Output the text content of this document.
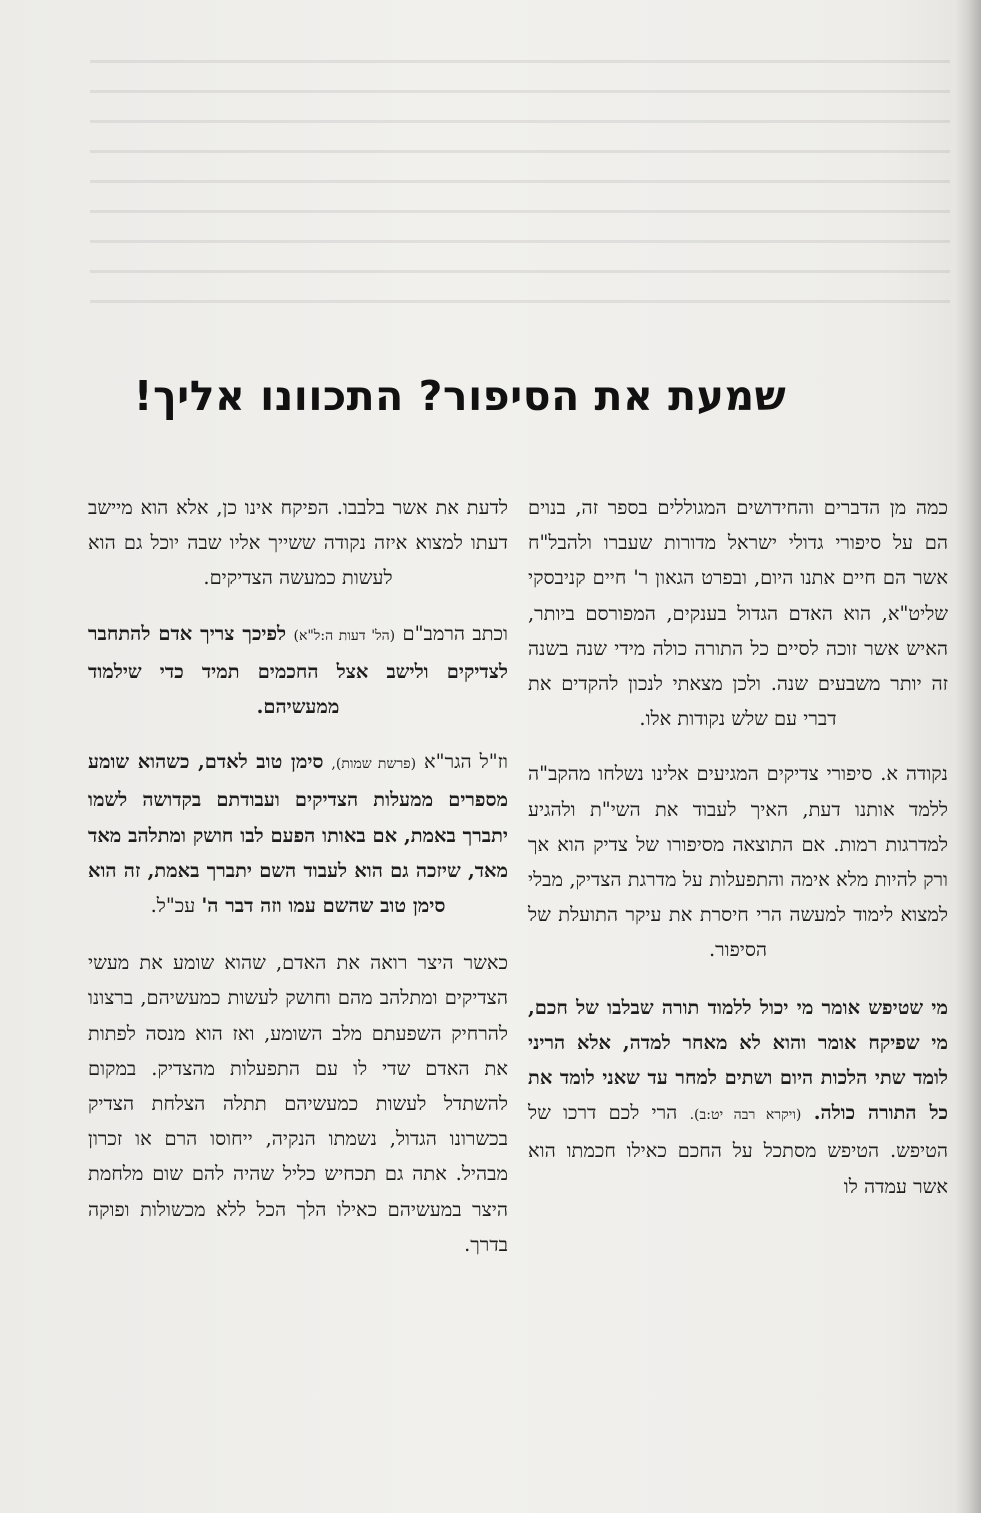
שמעת את הסיפור? התכוונו אליך!

כמה מן הדברים והחידושים המגוללים בספר זה, בנוים הם על סיפורי גדולי ישראל מדורות שעברו ולהבל"ח אשר הם חיים אתנו היום, ובפרט הגאון ר' חיים קניבסקי שליט"א, הוא האדם הגדול בענקים, המפורסם ביותר, האיש אשר זוכה לסיים כל התורה כולה מידי שנה בשנה זה יותר משבעים שנה. ולכן מצאתי לנכון להקדים את דברי עם שלש נקודות אלו.

נקודה א. סיפורי צדיקים המגיעים אלינו נשלחו מהקב"ה ללמד אותנו דעת, האיך לעבוד את השי"ת ולהגיע למדרגות רמות. אם התוצאה מסיפורו של צדיק הוא אך ורק להיות מלא אימה והתפעלות על מדרגת הצדיק, מבלי למצוא לימוד למעשה הרי חיסרת את עיקר התועלת של הסיפור.

מי שטיפש אומר מי יכול ללמוד תורה שבלבו של חכם, מי שפיקח אומר והוא לא מאחר למדה, אלא הריני לומד שתי הלכות היום ושתים למחר עד שאני לומד את כל התורה כולה. (ויקרא רבה יט:ב). הרי לכם דרכו של הטיפש. הטיפש מסתכל על החכם כאילו חכמתו הוא אשר עמדה לו

לדעת את אשר בלבבו. הפיקח אינו כן, אלא הוא מיישב דעתו למצוא איזה נקודה ששייך אליו שבה יוכל גם הוא לעשות כמעשה הצדיקים.

וכתב הרמב"ם (הל' דעות ה:ל"א) לפיכך צריך אדם להתחבר לצדיקים ולישב אצל החכמים תמיד כדי שילמוד ממעשיהם.

וז"ל הגר"א (פרשת שמות), סימן טוב לאדם, כשהוא שומע מספרים ממעלות הצדיקים ועבודתם בקדושה לשמו יתברך באמת, אם באותו הפעם לבו חושק ומתלהב מאד מאד, שיזכה גם הוא לעבוד השם יתברך באמת, זה הוא סימן טוב שהשם עמו וזה דבר ה' עכ"ל.

כאשר היצר רואה את האדם, שהוא שומע את מעשי הצדיקים ומתלהב מהם וחושק לעשות כמעשיהם, ברצונו להרחיק השפעתם מלב השומע, ואז הוא מנסה לפתות את האדם שדי לו עם התפעלות מהצדיק. במקום להשתדל לעשות כמעשיהם תתלה הצלחת הצדיק בכשרונו הגדול, נשמתו הנקיה, ייחוסו הרם או זכרון מבהיל. אתה גם תכחיש כליל שהיה להם שום מלחמת היצר במעשיהם כאילו הלך הכל ללא מכשולות ופוקה בדרך.
